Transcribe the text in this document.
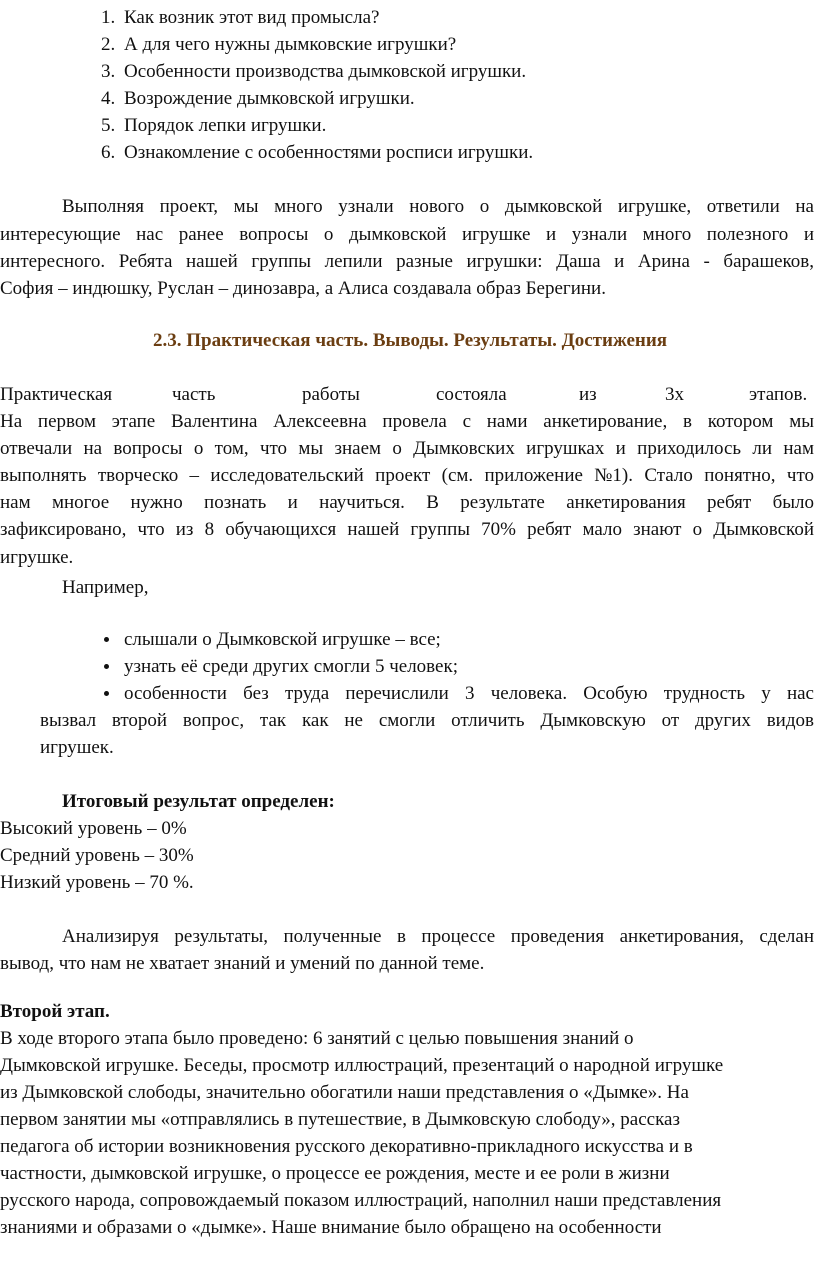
1. Как возник этот вид промысла?
2. А для чего нужны дымковские игрушки?
3. Особенности производства дымковской игрушки.
4. Возрождение дымковской игрушки.
5. Порядок лепки игрушки.
6. Ознакомление с особенностями росписи игрушки.
Выполняя проект, мы много узнали нового о дымковской игрушке, ответили на
интересующие нас ранее вопросы о дымковской игрушке и узнали много полезного и
интересного. Ребята нашей группы лепили разные игрушки: Даша и Арина - барашеков,
София – индюшку, Руслан – динозавра, а Алиса создавала образ Берегини.
2.3. Практическая часть. Выводы. Результаты. Достижения
Практическая	часть	работы	состояла	из	3х	этапов.
На первом этапе Валентина Алексеевна провела с нами анкетирование, в котором мы
отвечали на вопросы о том, что мы знаем о Дымковских игрушках и приходилось ли нам
выполнять творческо – исследовательский проект (см. приложение №1). Стало понятно, что
нам многое нужно познать и научиться. В результате анкетирования ребят было
зафиксировано, что из 8 обучающихся нашей группы 70% ребят мало знают о Дымковской
игрушке.
Например,
слышали о Дымковской игрушке – все;
узнать её среди других смогли 5 человек;
особенности без труда перечислили 3 человека. Особую трудность у нас
вызвал второй вопрос, так как не смогли отличить Дымковскую от других видов
игрушек.
Итоговый результат определен:
Высокий уровень – 0%
Средний уровень – 30%
Низкий уровень – 70 %.
Анализируя результаты, полученные в процессе проведения анкетирования, сделан
вывод, что нам не хватает знаний и умений по данной теме.
Второй этап.
В ходе второго этапа было проведено: 6 занятий с целью повышения знаний о
Дымковской игрушке. Беседы, просмотр иллюстраций, презентаций о народной игрушке
из Дымковской слободы, значительно обогатили наши представления о «Дымке». На
первом занятии мы «отправлялись в путешествие, в Дымковскую слободу», рассказ
педагога об истории возникновения русского декоративно-прикладного искусства и в
частности, дымковской игрушке, о процессе ее рождения, месте и ее роли в жизни
русского народа, сопровождаемый показом иллюстраций, наполнил наши представления
знаниями и образами о «дымке». Наше внимание было обращено на особенности
